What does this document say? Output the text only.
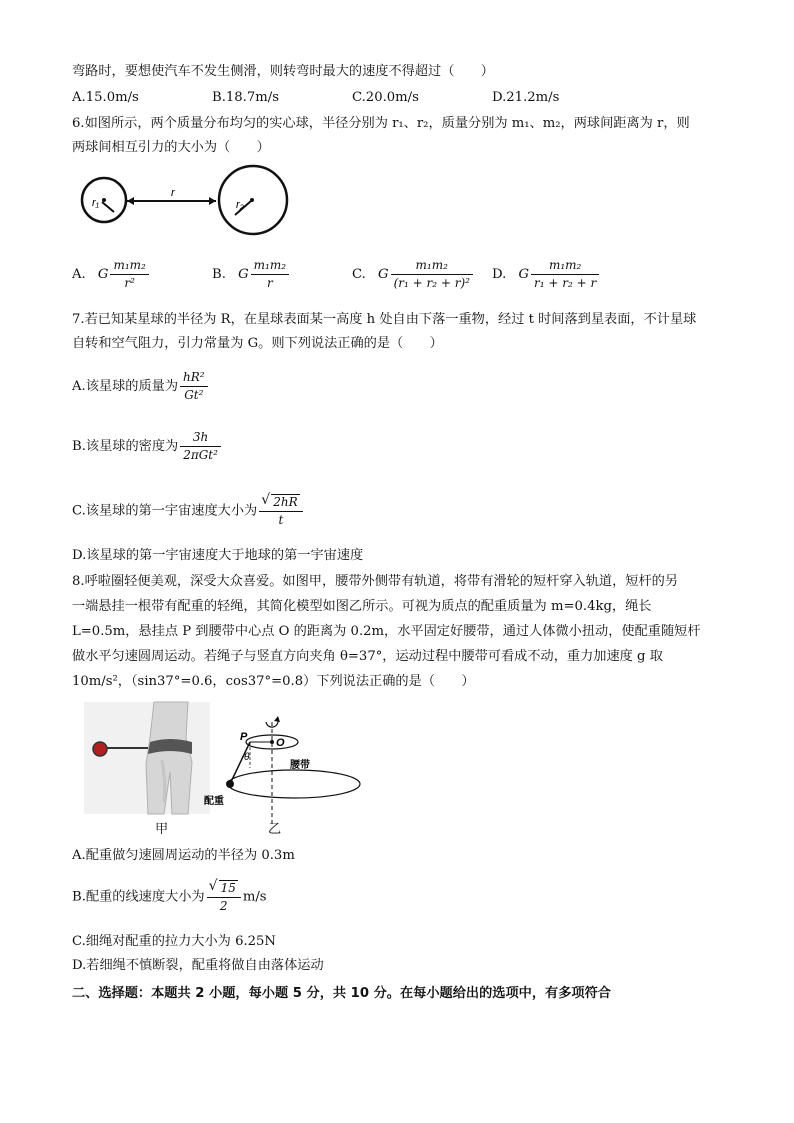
弯路时，要想使汽车不发生侧滑，则转弯时最大的速度不得超过（　　）
A.15.0m/s	B.18.7m/s	C.20.0m/s	D.21.2m/s
6.如图所示，两个质量分布均匀的实心球，半径分别为 r₁、r₂，质量分别为 m₁、m₂，两球间距离为 r，则
两球间相互引力的大小为（　　）
r₁
r
r₂
A. G $\frac{\text{m₁m₂}}{\text{r²}}$	B. G $\frac{\text{m₁m₂}}{r}$	C. G $\frac{\text{m₁m₂}}{\text{(r₁ + r₂ + r)²}} D$. G $\frac{\text{m₁m₂}}{\text{r₁ + r₂ + r}}$
7.若已知某星球的半径为 R，在星球表面某一高度 h 处自由下落一重物，经过 t 时间落到星表面，不计星球
自转和空气阻力，引力常量为 G。则下列说法正确的是（　　）
A.该星球的质量为 $\frac{\text{hR²}}{\text{Gt²}}$
B.该星球的密度为 $\frac{3h}{\text{2πGt²}}$
C.该星球的第一宇宙速度大小为 √ $\frac{2hR}{t}$
D.该星球的第一宇宙速度大于地球的第一宇宙速度
8.呼啦圈轻便美观，深受大众喜爱。如图甲，腰带外侧带有轨道，将带有滑轮的短杆穿入轨道，短杆的另
一端悬挂一根带有配重的轻绳，其简化模型如图乙所示。可视为质点的配重质量为 m=0.4kg，绳长
L=0.5m，悬挂点 P 到腰带中心点 O 的距离为 0.2m，水平固定好腰带，通过人体微小扭动，使配重随短杆
做水平匀速圆周运动。若绳子与竖直方向夹角 θ=37°，运动过程中腰带可看成不动，重力加速度 g 取
10m/s²，（sin37°=0.6，cos37°=0.8）下列说法正确的是（　　）
O
P
θ
腰带
配重
甲	乙
A.配重做匀速圆周运动的半径为 0.3m
B.配重的线速度大小为 √ $\frac{15}{2} m/s$
C.细绳对配重的拉力大小为 6.25N
D.若细绳不慎断裂，配重将做自由落体运动
二、选择题：本题共 2 小题，每小题 5 分，共 10 分。在每小题给出的选项中，有多项符合
